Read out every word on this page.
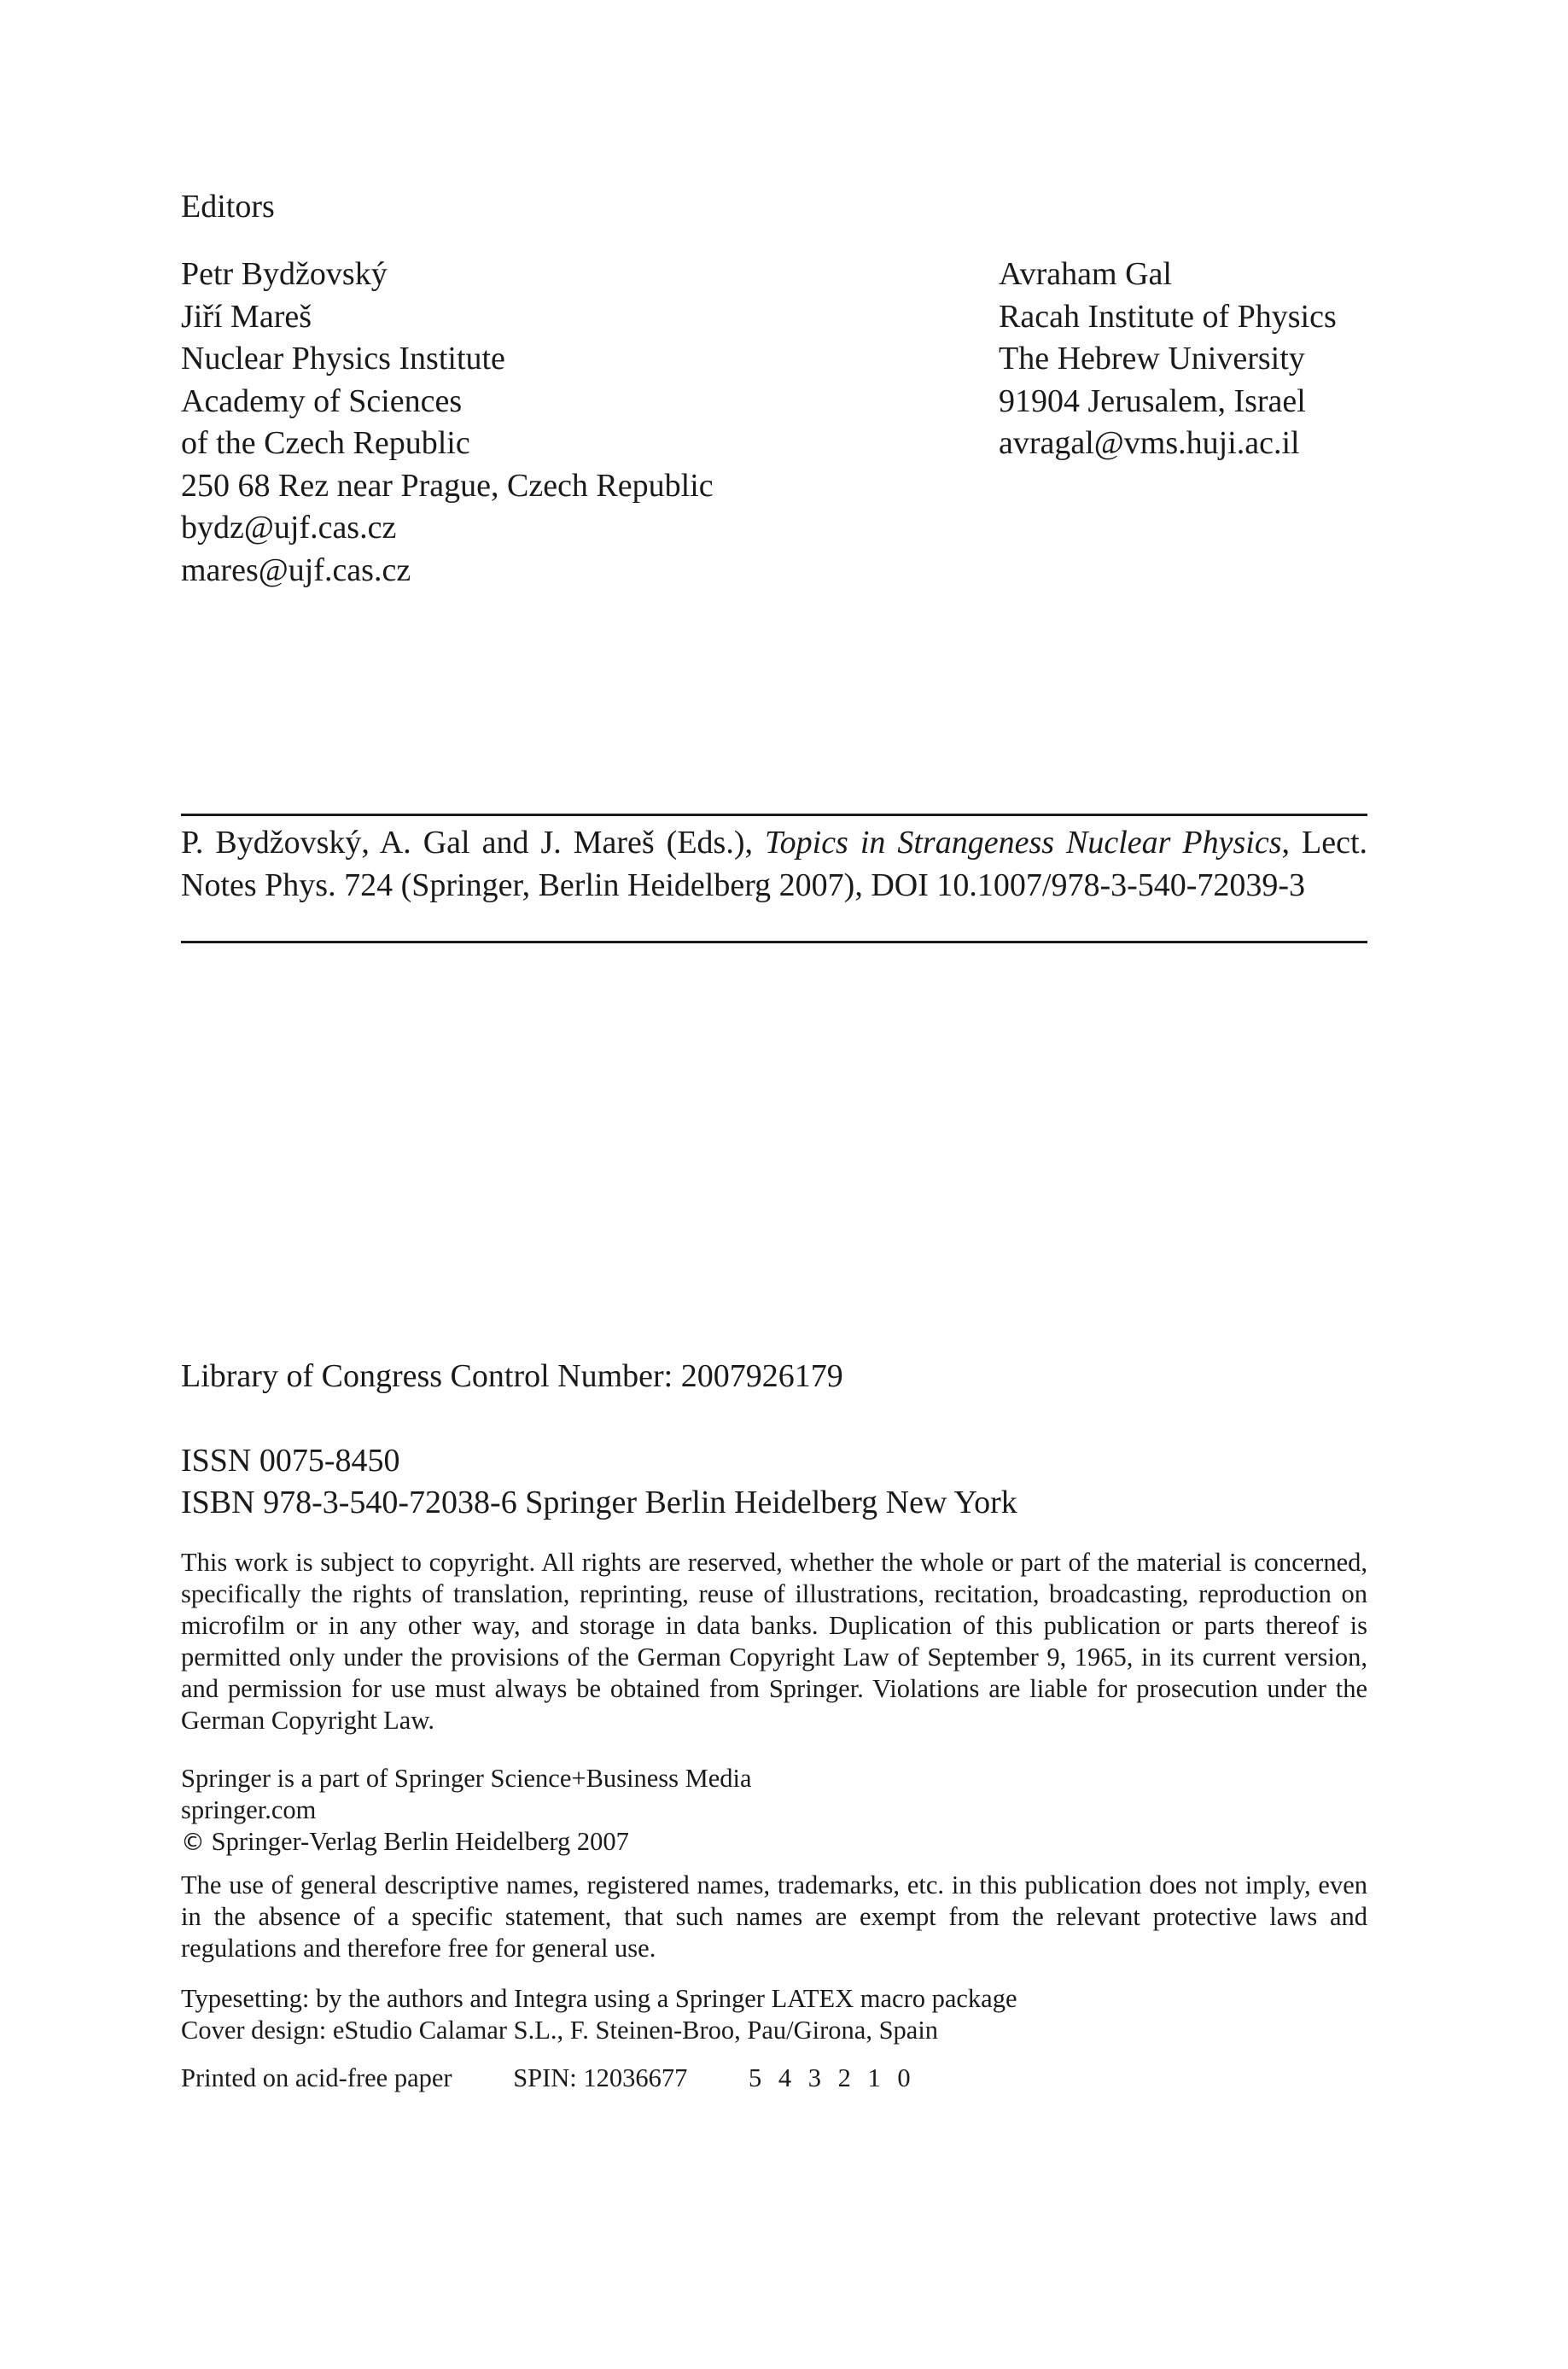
Editors
Petr Bydžovský
Jiří Mareš
Nuclear Physics Institute
Academy of Sciences
of the Czech Republic
250 68 Rez near Prague, Czech Republic
bydz@ujf.cas.cz
mares@ujf.cas.cz
Avraham Gal
Racah Institute of Physics
The Hebrew University
91904 Jerusalem, Israel
avragal@vms.huji.ac.il
P. Bydžovský, A. Gal and J. Mareš (Eds.), Topics in Strangeness Nuclear Physics, Lect. Notes Phys. 724 (Springer, Berlin Heidelberg 2007), DOI 10.1007/978-3-540-72039-3
Library of Congress Control Number: 2007926179
ISSN 0075-8450
ISBN 978-3-540-72038-6 Springer Berlin Heidelberg New York
This work is subject to copyright. All rights are reserved, whether the whole or part of the material is concerned, specifically the rights of translation, reprinting, reuse of illustrations, recitation, broadcasting, reproduction on microfilm or in any other way, and storage in data banks. Duplication of this publication or parts thereof is permitted only under the provisions of the German Copyright Law of September 9, 1965, in its current version, and permission for use must always be obtained from Springer. Violations are liable for prosecution under the German Copyright Law.
Springer is a part of Springer Science+Business Media
springer.com
© Springer-Verlag Berlin Heidelberg 2007
The use of general descriptive names, registered names, trademarks, etc. in this publication does not imply, even in the absence of a specific statement, that such names are exempt from the relevant protective laws and regulations and therefore free for general use.
Typesetting: by the authors and Integra using a Springer LATEX macro package
Cover design: eStudio Calamar S.L., F. Steinen-Broo, Pau/Girona, Spain
Printed on acid-free paper SPIN: 12036677 5 4 3 2 1 0
